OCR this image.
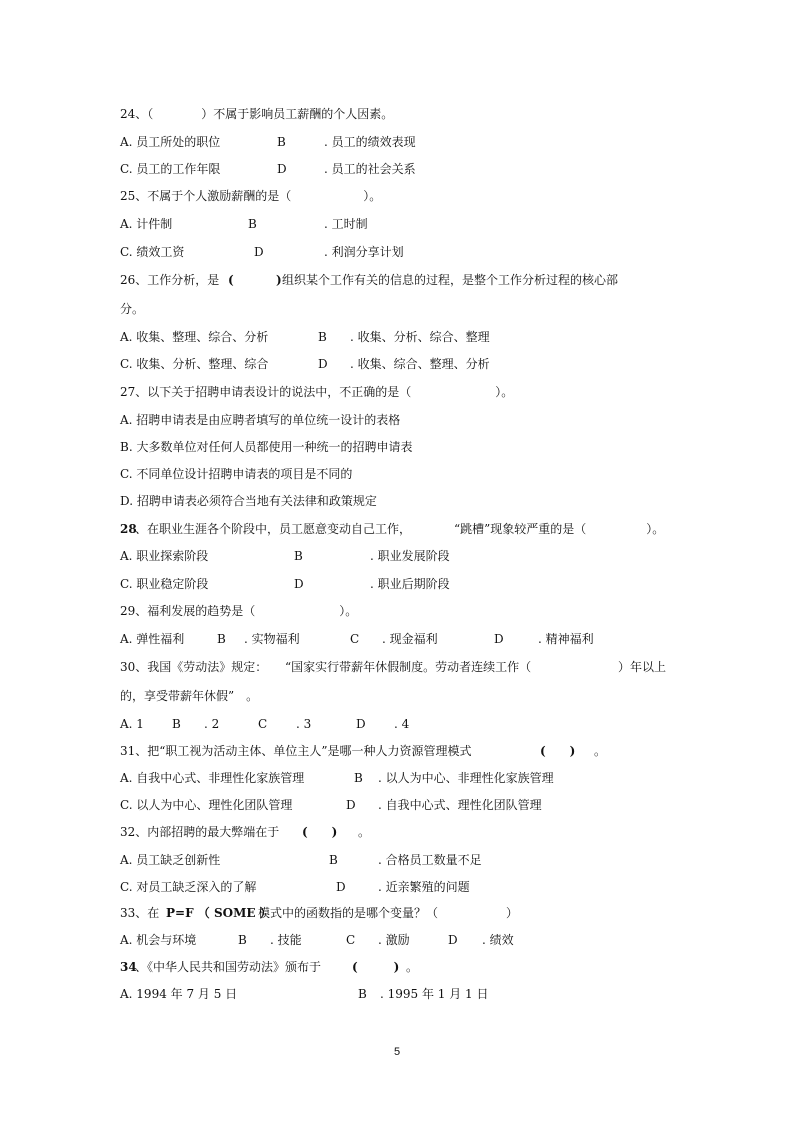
24、（　　　　）不属于影响员工薪酬的个人因素。
A. 员工所处的职位	B	. 员工的绩效表现
C. 员工的工作年限	D	. 员工的社会关系
25、不属于个人激励薪酬的是（　　　　　　）。
A. 计件制	B	. 工时制
C. 绩效工资	D	. 利润分享计划
26、工作分析，是 (	) 组织某个工作有关的信息的过程，是整个工作分析过程的核心部
分。
A. 收集、整理、综合、分析	B . 收集、分析、综合、整理
C. 收集、分析、整理、综合	D . 收集、综合、整理、分析
27、以下关于招聘申请表设计的说法中，不正确的是（　　　　　　　）。
A. 招聘申请表是由应聘者填写的单位统一设计的表格
B. 大多数单位对任何人员都使用一种统一的招聘申请表
C. 不同单位设计招聘申请表的项目是不同的
D. 招聘申请表必须符合当地有关法律和政策规定
28
、在职业生涯各个阶段中，员工愿意变动自己工作，	“跳槽”现象较严重的是（　　　　　）。
A. 职业探索阶段	B	. 职业发展阶段
C. 职业稳定阶段	D	. 职业后期阶段
29、福利发展的趋势是（　　　　　　　）。
A. 弹性福利	B . 实物福利	C . 现金福利	D	. 精神福利
30、我国《劳动法》规定： “国家实行带薪年休假制度。劳动者连续工作（	）年以上
的，享受带薪年休假”　。
A. 1 B . 2	C . 3	D . 4
31、把“职工视为活动主体、单位主人”是哪一种人力资源管理模式	(　　) 。
A. 自我中心式、非理性化家族管理	B . 以人为中心、非理性化家族管理
C. 以人为中心、理性化团队管理	D . 自我中心式、理性化团队管理
32、内部招聘的最大弊端在于 (　　) 。
A. 员工缺乏创新性	B	. 合格员工数量不足
C. 对员工缺乏深入的了解	D	. 近亲繁殖的问题
33、在 P=F （ SOME ）
模式中的函数指的是哪个变量？（	）
A. 机会与环境	B . 技能	C . 激励	D . 绩效
34
、《中华人民共和国劳动法》颁布于	(　　　) 。
A. 1994 年 7 月 5 日	B . 1995 年 1 月 1 日
5
